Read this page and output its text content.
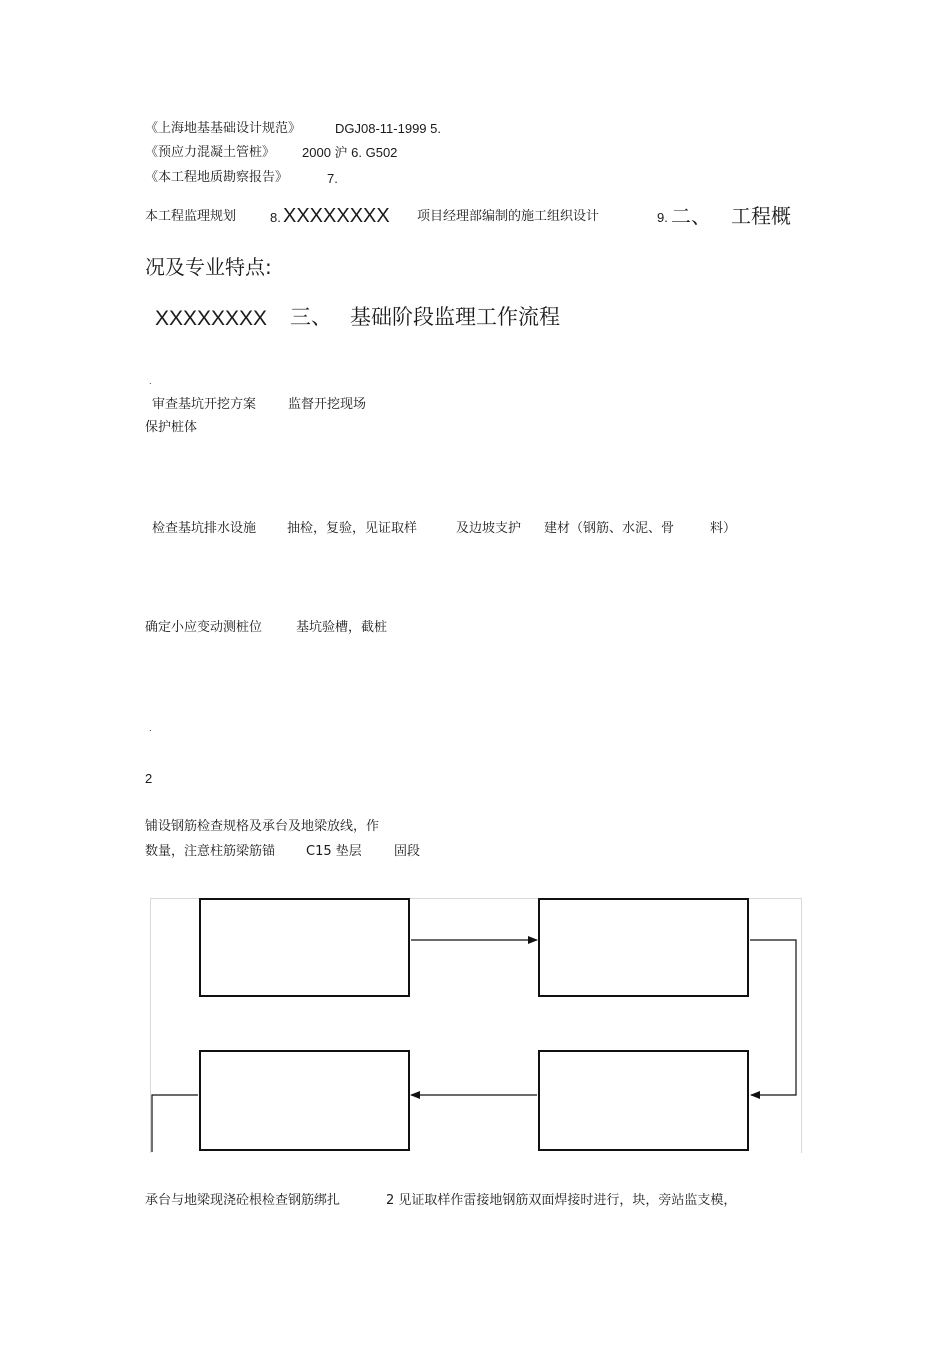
《上海地基基础设计规范》	DGJ08-11-1999 5.
《预应力混凝土管桩》 2000 沪 6. G502
《本工程地质勘察报告》	7.
本工程监理规划	8. XXXXXXXX 项目经理部编制的施工组织设计	9. 二、 工程概
况及专业特点:
XXXXXXXX 三、 基础阶段监理工作流程
.
审查基坑开挖方案 监督开挖现场
保护桩体
检查基坑排水设施 抽检，复验，见证取样	及边坡支护 建材（钢筋、水泥、骨	料）
确定小应变动测桩位	基坑验槽，截桩
.
2
铺设钢筋检查规格及承台及地梁放线，作
数量，注意柱筋梁筋锚 C15 垫层 固段
承台与地梁现浇砼根检查钢筋绑扎	2 见证取样作雷接地钢筋双面焊接时进行，块，旁站监支模，
